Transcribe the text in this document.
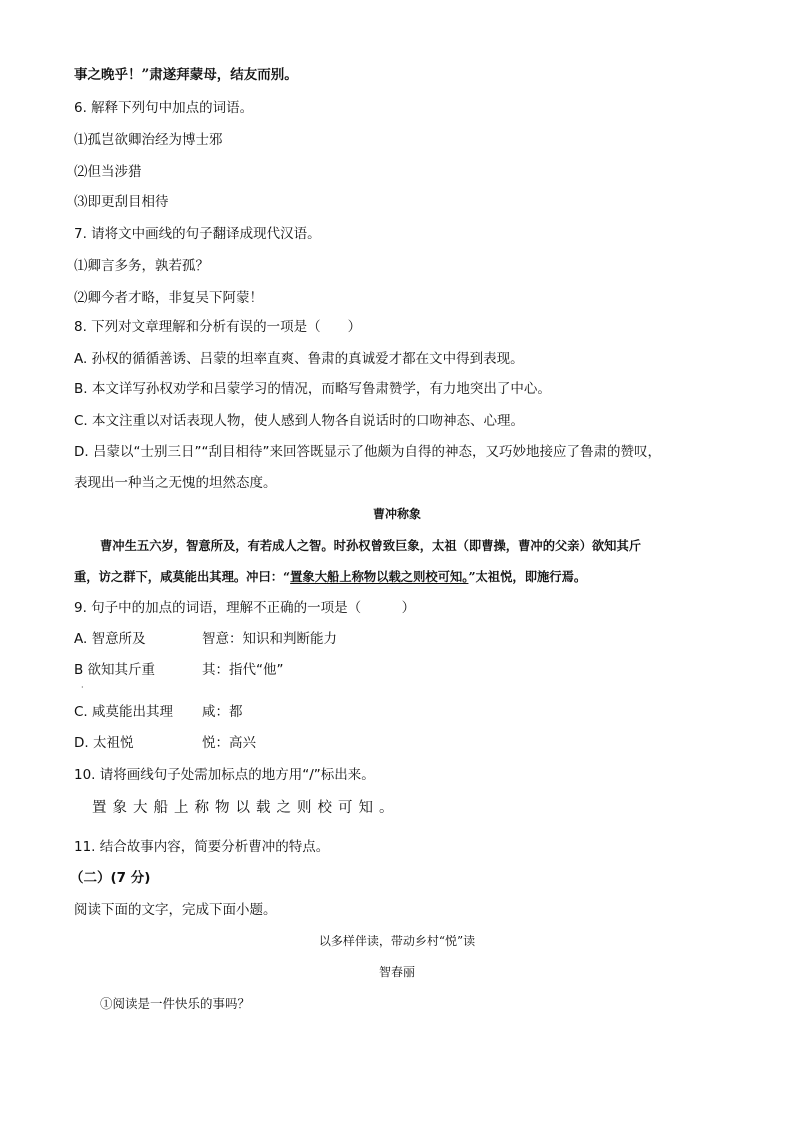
事之晚乎！”肃遂拜蒙母，结友而别。
6. 解释下列句中加点的词语。
⑴孤岂欲卿治经为博士邪
⑵但当涉猎
⑶即更刮目相待
7. 请将文中画线的句子翻译成现代汉语。
⑴卿言多务，孰若孤？
⑵卿今者才略，非复吴下阿蒙！
8. 下列对文章理解和分析有误的一项是（　　）
A. 孙权的循循善诱、吕蒙的坦率直爽、鲁肃的真诚爱才都在文中得到表现。
B. 本文详写孙权劝学和吕蒙学习的情况，而略写鲁肃赞学，有力地突出了中心。
C. 本文注重以对话表现人物，使人感到人物各自说话时的口吻神态、心理。
D. 吕蒙以“士别三日”“刮目相待”来回答既显示了他颇为自得的神态，又巧妙地接应了鲁肃的赞叹，
表现出一种当之无愧的坦然态度。
曹冲称象
曹冲生五六岁，智意所及，有若成人之智。时孙权曾致巨象，太祖（即曹操，曹冲的父亲）欲知其斤
重，访之群下，咸莫能出其理。冲曰：“置象大船上称物以载之则校可知。”太祖悦，即施行焉。
9. 句子中的加点的词语，理解不正确的一项是（　　　）
A. 智意所及	智意：知识和判断能力
B 欲知其斤重	其：指代“他”
·
C. 咸莫能出其理 咸：都
D. 太祖悦	悦：高兴
10. 请将画线句子处需加标点的地方用“/”标出来。
置象大船上称物以载之则校可知。
11. 结合故事内容，简要分析曹冲的特点。
（二）(7 分)
阅读下面的文字，完成下面小题。
以多样伴读，带动乡村“悦”读
智春丽
①阅读是一件快乐的事吗？
